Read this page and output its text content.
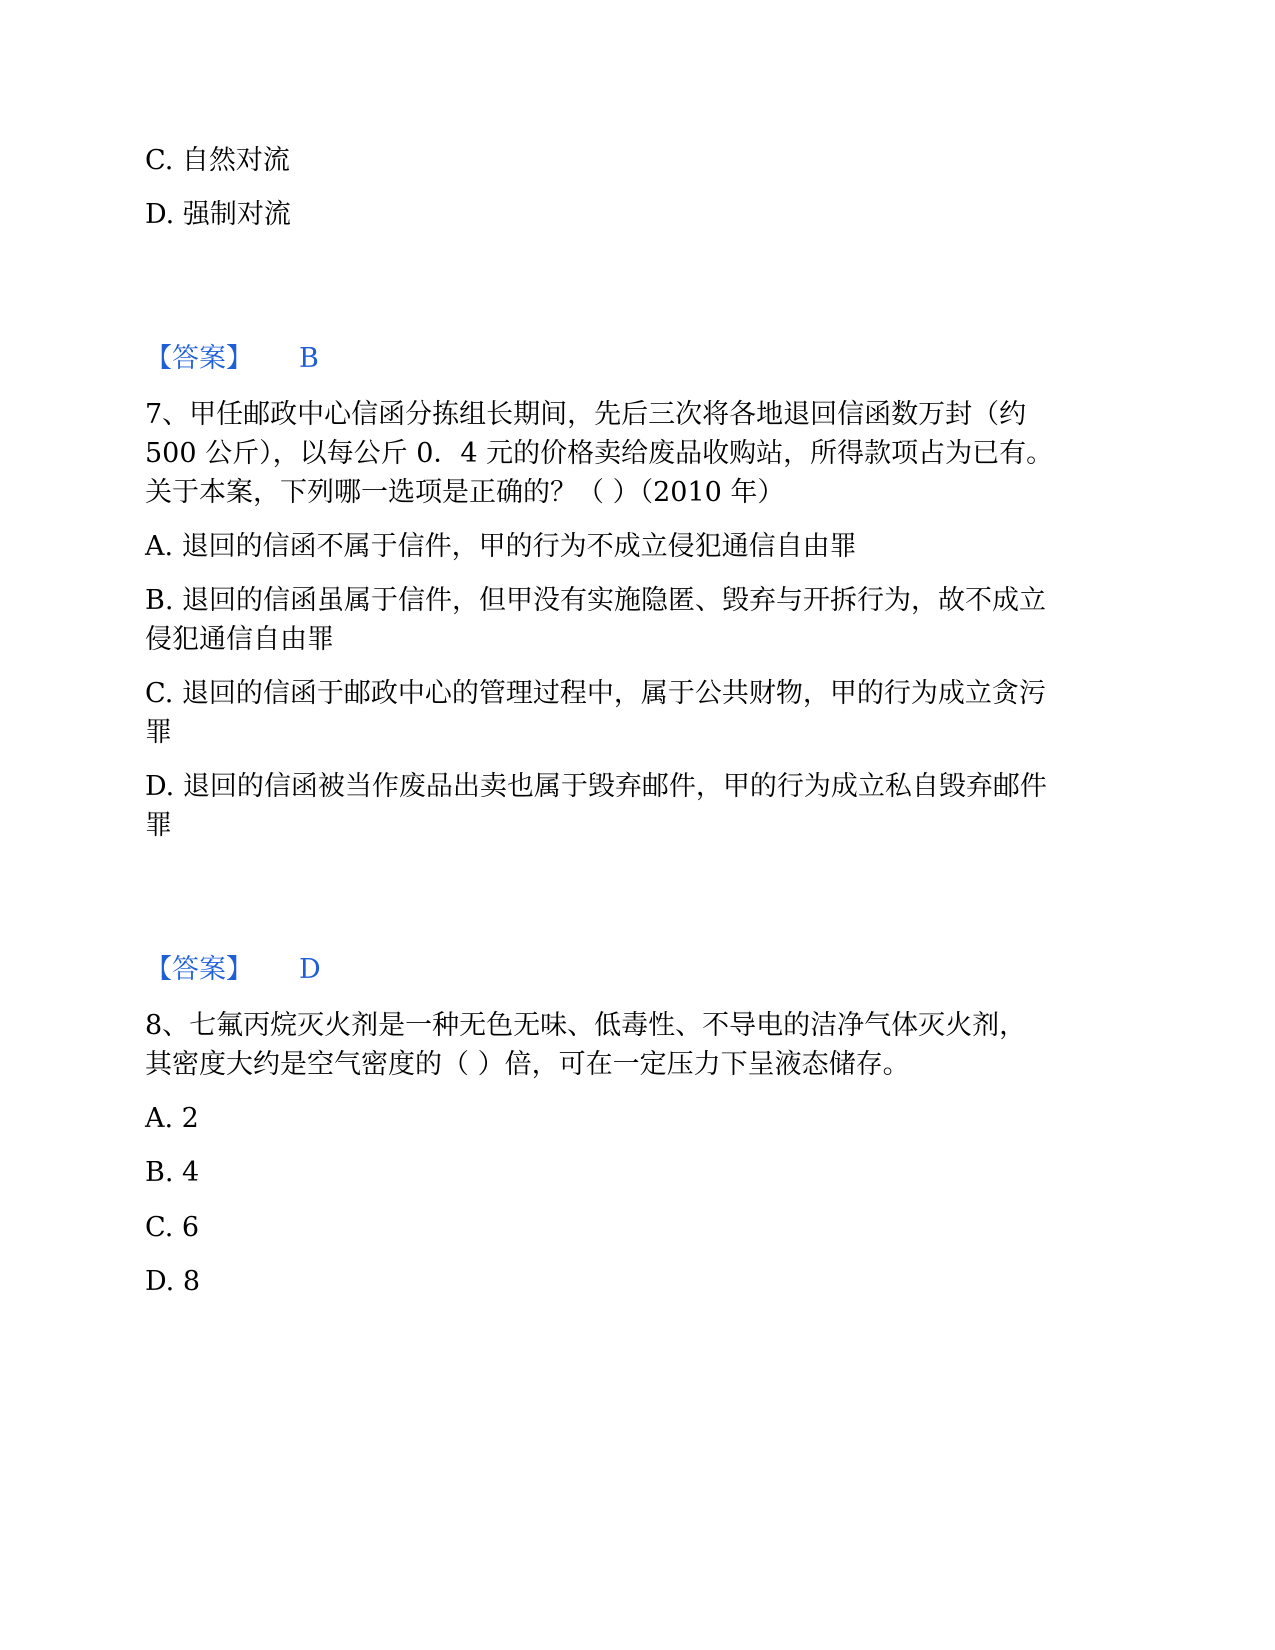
C. 自然对流
D. 强制对流
【答案】 B
7、甲任邮政中心信函分拣组长期间，先后三次将各地退回信函数万封（约
500 公斤），以每公斤 0．4 元的价格卖给废品收购站，所得款项占为已有。
关于本案，下列哪一选项是正确的？（ ）（2010 年）
A. 退回的信函不属于信件，甲的行为不成立侵犯通信自由罪
B. 退回的信函虽属于信件，但甲没有实施隐匿、毁弃与开拆行为，故不成立
侵犯通信自由罪
C. 退回的信函于邮政中心的管理过程中，属于公共财物，甲的行为成立贪污
罪
D. 退回的信函被当作废品出卖也属于毁弃邮件，甲的行为成立私自毁弃邮件
罪
【答案】 D
8、七氟丙烷灭火剂是一种无色无味、低毒性、不导电的洁净气体灭火剂，
其密度大约是空气密度的（ ）倍，可在一定压力下呈液态储存。
A. 2
B. 4
C. 6
D. 8
